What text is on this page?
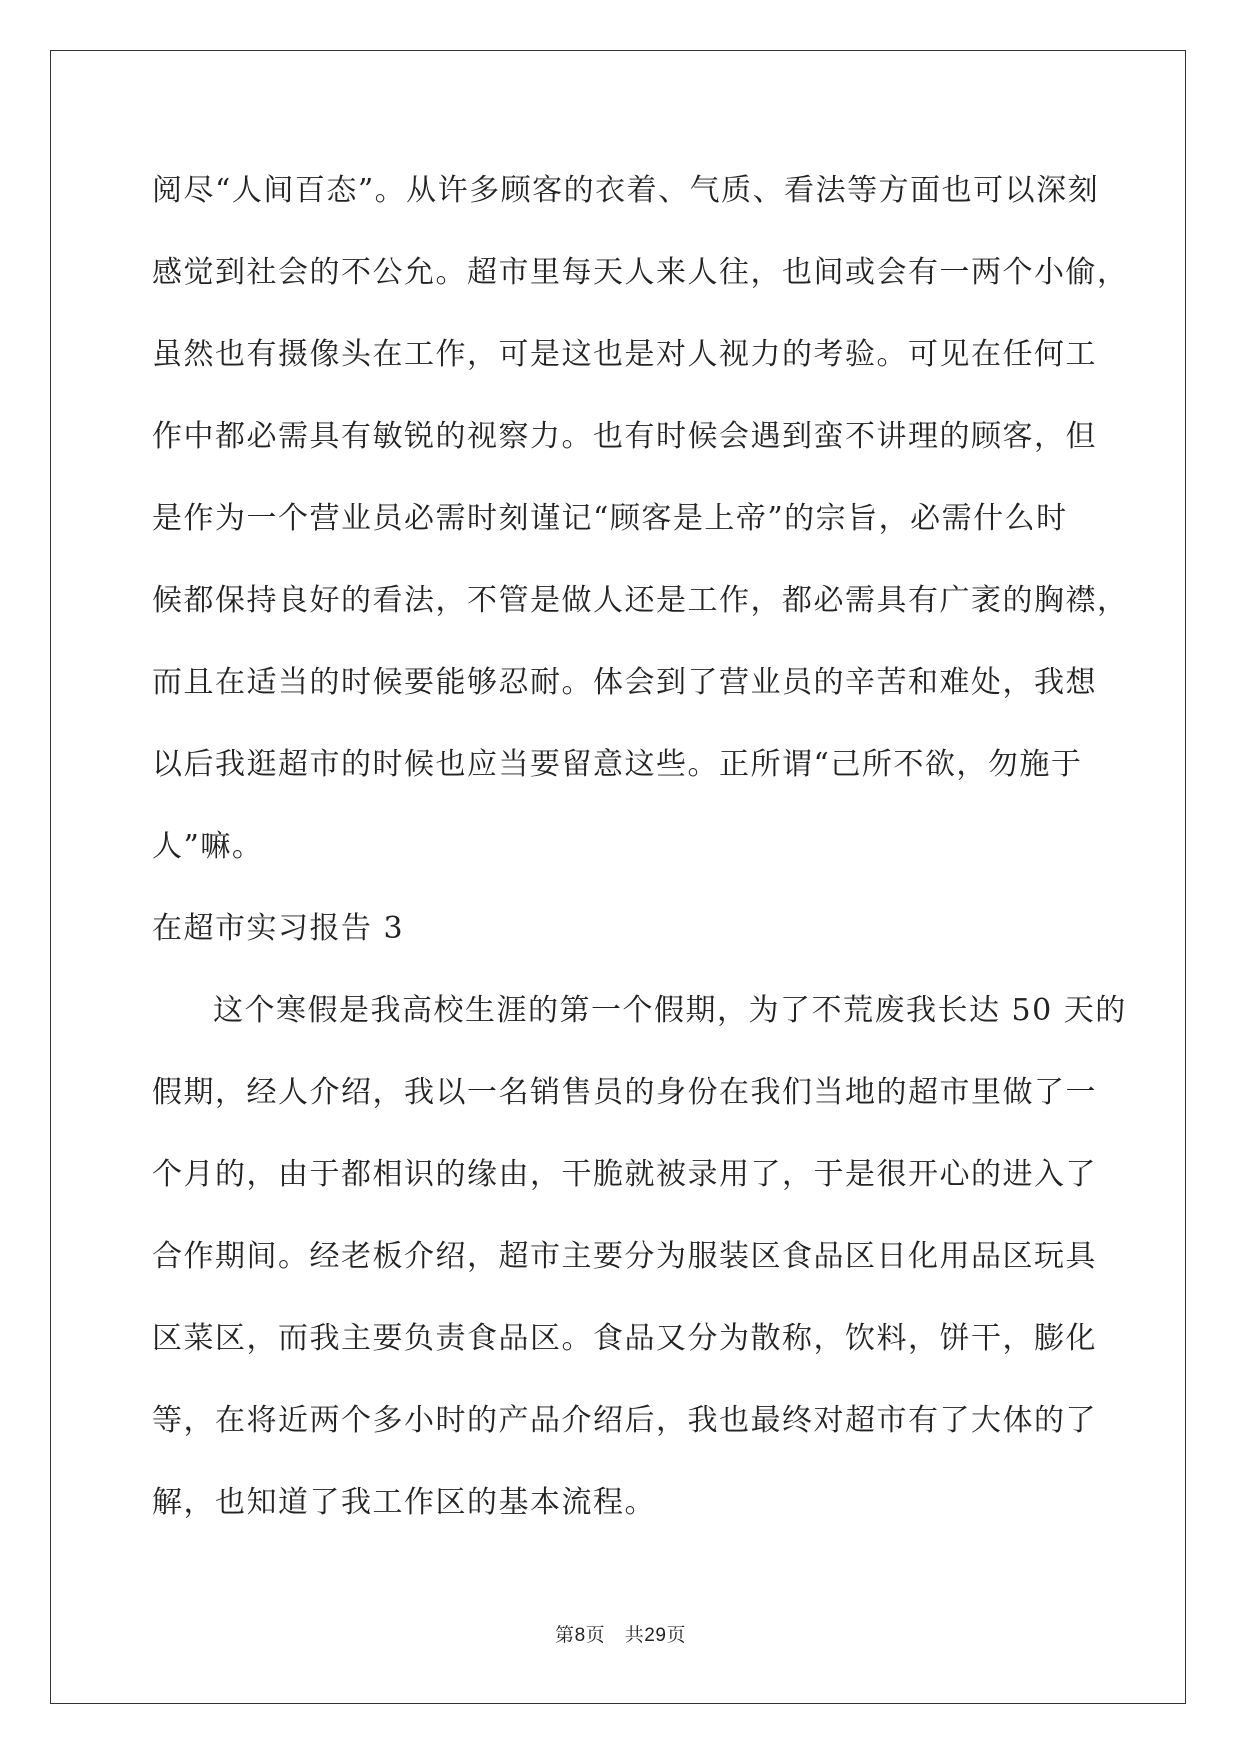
阅尽“人间百态”。从许多顾客的衣着、气质、看法等方面也可以深刻
感觉到社会的不公允。超市里每天人来人往，也间或会有一两个小偷，
虽然也有摄像头在工作，可是这也是对人视力的考验。可见在任何工
作中都必需具有敏锐的视察力。也有时候会遇到蛮不讲理的顾客，但
是作为一个营业员必需时刻谨记“顾客是上帝”的宗旨，必需什么时
候都保持良好的看法，不管是做人还是工作，都必需具有广袤的胸襟，
而且在适当的时候要能够忍耐。体会到了营业员的辛苦和难处，我想
以后我逛超市的时候也应当要留意这些。正所谓“己所不欲，勿施于
人”嘛。
在超市实习报告 3
这个寒假是我高校生涯的第一个假期，为了不荒废我长达 50 天的
假期，经人介绍，我以一名销售员的身份在我们当地的超市里做了一
个月的，由于都相识的缘由，干脆就被录用了，于是很开心的进入了
合作期间。经老板介绍，超市主要分为服装区食品区日化用品区玩具
区菜区，而我主要负责食品区。食品又分为散称，饮料，饼干，膨化
等，在将近两个多小时的产品介绍后，我也最终对超市有了大体的了
解，也知道了我工作区的基本流程。
第8页 共29页
